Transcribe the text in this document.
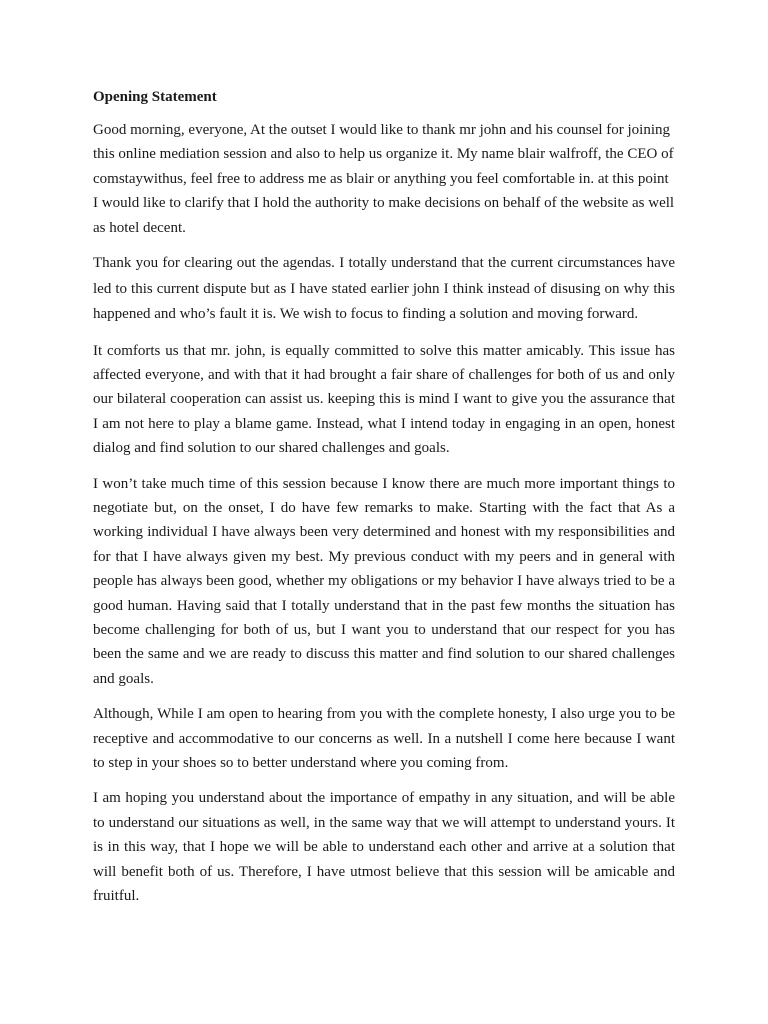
Opening Statement

Good morning, everyone, At the outset I would like to thank mr john and his counsel for joining this online mediation session and also to help us organize it. My name blair walfroff, the CEO of comstaywithus, feel free to address me as blair or anything you feel comfortable in. at this point I would like to clarify that I hold the authority to make decisions on behalf of the website as well as hotel decent.

Thank you for clearing out the agendas. I totally understand that the current circumstances have led to this current dispute but as I have stated earlier john I think instead of disusing on why this happened and who’s fault it is. We wish to focus to finding a solution and moving forward.

It comforts us that mr. john, is equally committed to solve this matter amicably. This issue has affected everyone, and with that it had brought a fair share of challenges for both of us and only our bilateral cooperation can assist us. keeping this is mind I want to give you the assurance that I am not here to play a blame game. Instead, what I intend today in engaging in an open, honest dialog and find solution to our shared challenges and goals.

I won’t take much time of this session because I know there are much more important things to negotiate but, on the onset, I do have few remarks to make. Starting with the fact that As a working individual I have always been very determined and honest with my responsibilities and for that I have always given my best. My previous conduct with my peers and in general with people has always been good, whether my obligations or my behavior I have always tried to be a good human. Having said that I totally understand that in the past few months the situation has become challenging for both of us, but I want you to understand that our respect for you has been the same and we are ready to discuss this matter and find solution to our shared challenges and goals.

Although, While I am open to hearing from you with the complete honesty, I also urge you to be receptive and accommodative to our concerns as well. In a nutshell I come here because I want to step in your shoes so to better understand where you coming from.

I am hoping you understand about the importance of empathy in any situation, and will be able to understand our situations as well, in the same way that we will attempt to understand yours. It is in this way, that I hope we will be able to understand each other and arrive at a solution that will benefit both of us. Therefore, I have utmost believe that this session will be amicable and fruitful.
